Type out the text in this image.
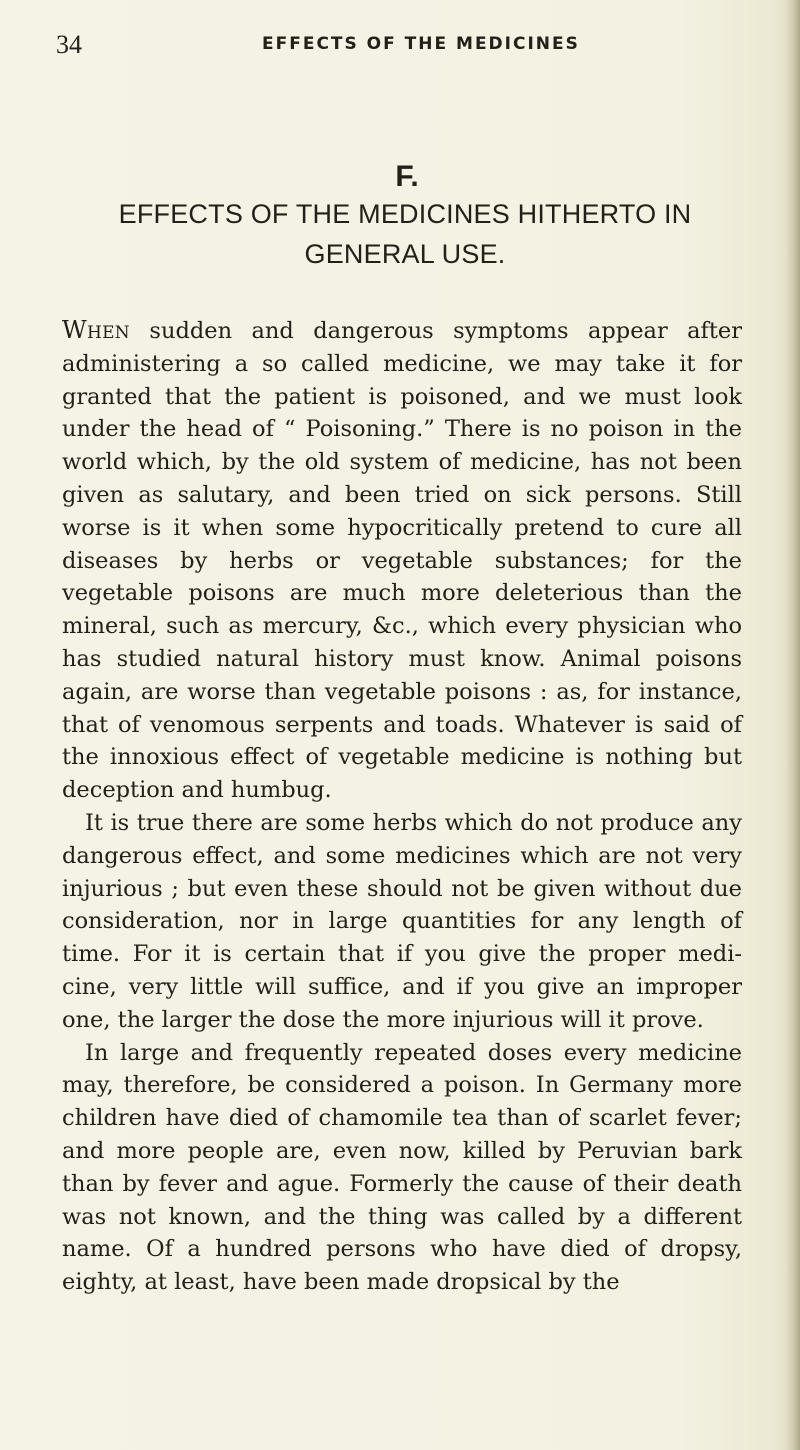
34	EFFECTS OF THE MEDICINES
F.
EFFECTS OF THE MEDICINES HITHERTO IN GENERAL USE.

When sudden and dangerous symptoms appear after administering a so called medicine, we may take it for granted that the patient is poisoned, and we must look under the head of “ Poisoning.” There is no poison in the world which, by the old system of medicine, has not been given as salutary, and been tried on sick persons. Still worse is it when some hypocritically pretend to cure all diseases by herbs or vegetable substances; for the vegetable poisons are much more deleterious than the mineral, such as mercury, &c., which every physician who has studied natural history must know. Animal poisons again, are worse than vegetable poisons : as, for instance, that of venomous serpents and toads. Whatever is said of the innoxious effect of vegetable medicine is nothing but deception and humbug.

It is true there are some herbs which do not produce any dangerous effect, and some medicines which are not very injurious ; but even these should not be given without due consideration, nor in large quantities for any length of time. For it is certain that if you give the proper medi- cine, very little will suffice, and if you give an improper one, the larger the dose the more injurious will it prove.

In large and frequently repeated doses every medicine may, therefore, be considered a poison. In Germany more children have died of chamomile tea than of scarlet fever; and more people are, even now, killed by Peruvian bark than by fever and ague. Formerly the cause of their death was not known, and the thing was called by a different name. Of a hundred persons who have died of dropsy, eighty, at least, have been made dropsical by the
